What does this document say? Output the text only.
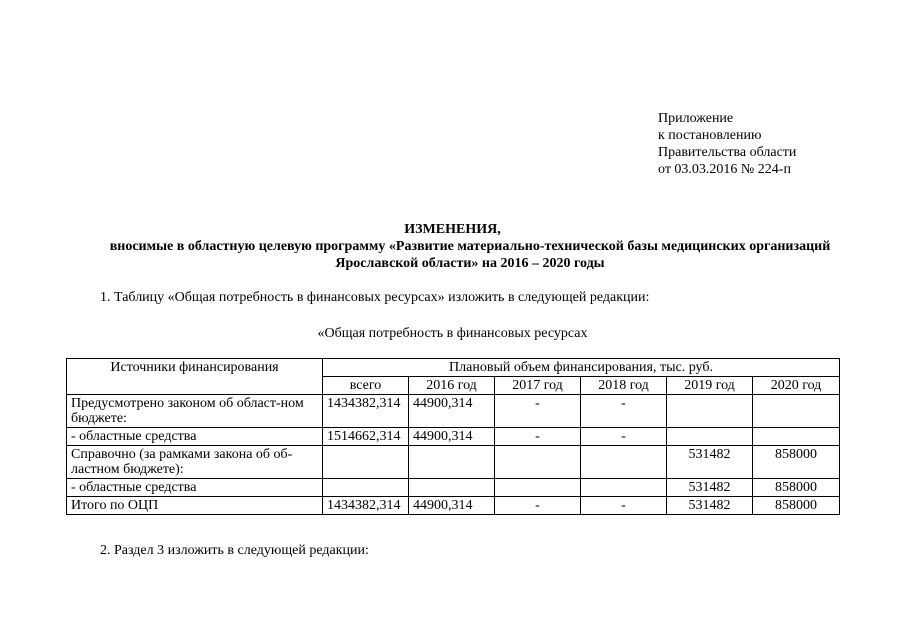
Приложение
к постановлению
Правительства области
от 03.03.2016 № 224-п
ИЗМЕНЕНИЯ,
вносимые в областную целевую программу «Развитие материально-технической базы медицинских организаций Ярославской области» на 2016 – 2020 годы
1. Таблицу «Общая потребность в финансовых ресурсах» изложить в следующей редакции:
«Общая потребность в финансовых ресурсах
Источники финансирования	Плановый объем финансирования, тыс. руб.					
	всего	2016 год	2017 год	2018 год	2019 год	2020 год
Предусмотрено законом об област-ном бюджете:	1434382,314	44900,314	-	-		
- областные средства	1514662,314	44900,314	-	-		
Справочно (за рамками закона об об-ластном бюджете):					531482	858000
- областные средства					531482	858000
Итого по ОЦП	1434382,314	44900,314	-	-	531482	858000
2. Раздел 3 изложить в следующей редакции:
